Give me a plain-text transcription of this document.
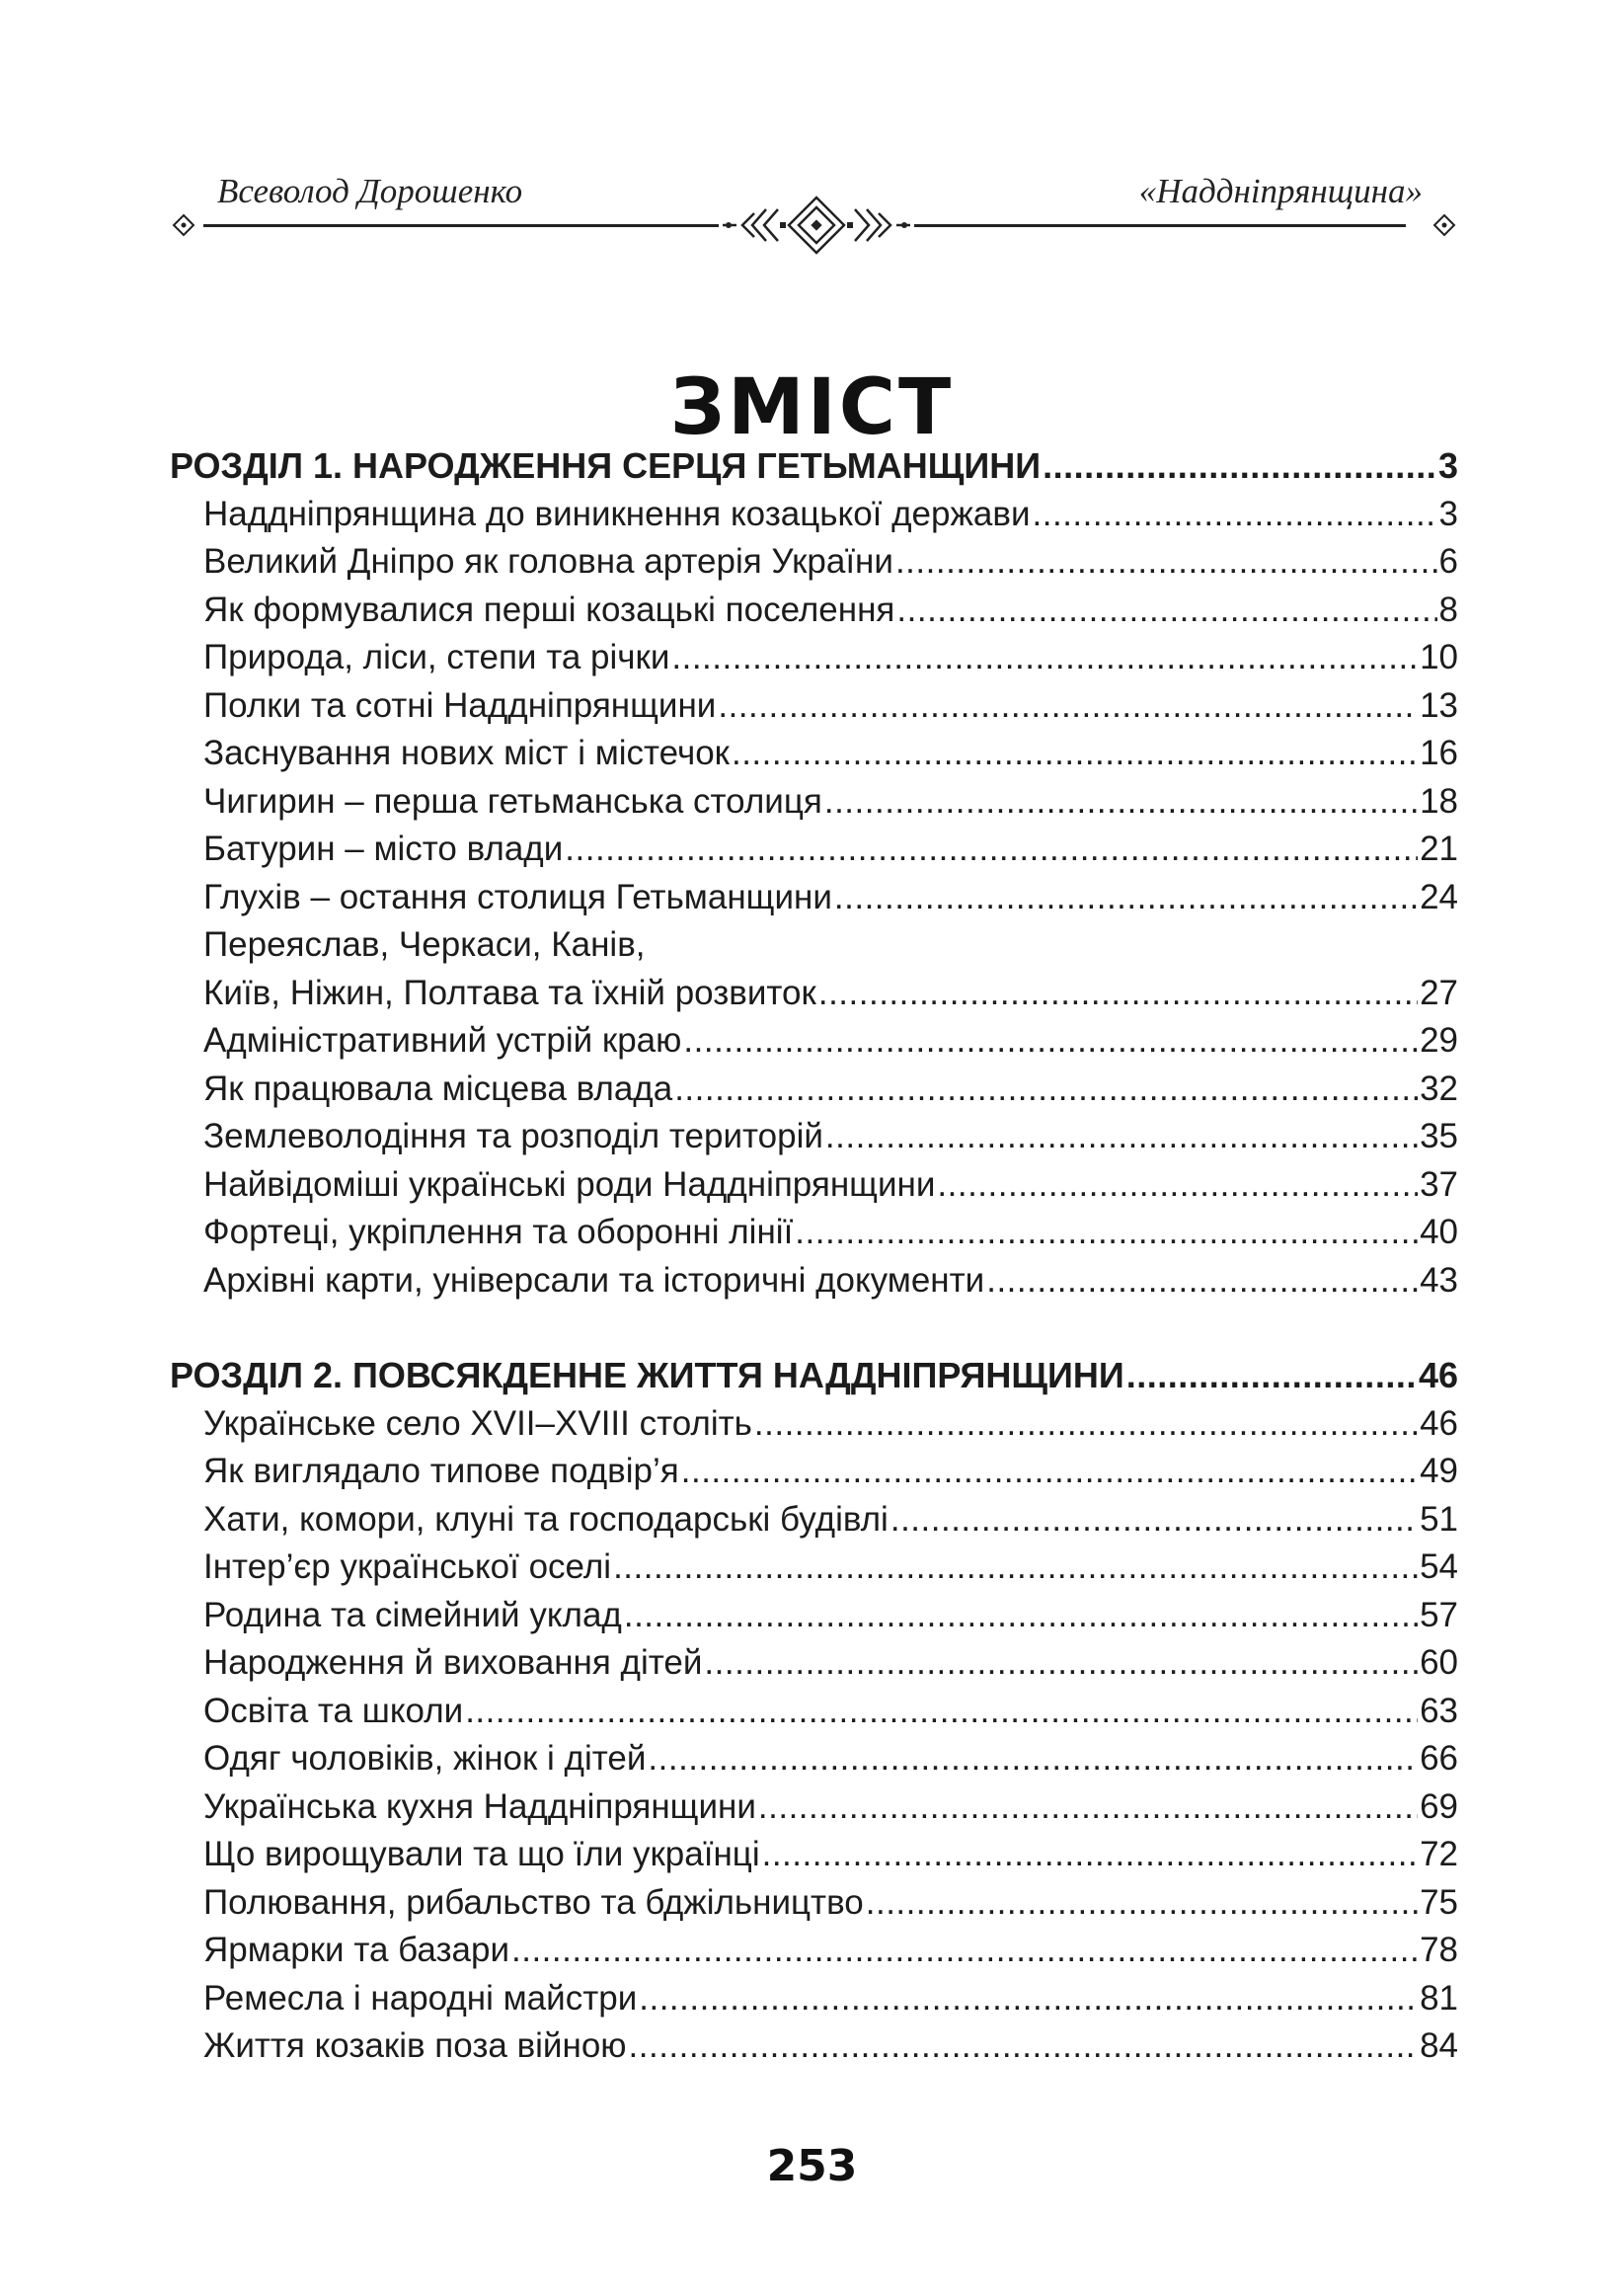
Всеволод Дорошенко	«Наддніпрянщина»
ЗМІСТ
РОЗДІЛ 1. НАРОДЖЕННЯ СЕРЦЯ ГЕТЬМАНЩИНИ .....	3
Наддніпрянщина до виникнення козацької держави .....	3
Великий Дніпро як головна артерія України .....	6
Як формувалися перші козацькі поселення .....	8
Природа, ліси, степи та річки .....	10
Полки та сотні Наддніпрянщини .....	13
Заснування нових міст і містечок .....	16
Чигирин – перша гетьманська столиця .....	18
Батурин – місто влади .....	21
Глухів – остання столиця Гетьманщини .....	24
Переяслав, Черкаси, Канів,
Київ, Ніжин, Полтава та їхній розвиток .....	27
Адміністративний устрій краю .....	29
Як працювала місцева влада .....	32
Землеволодіння та розподіл територій .....	35
Найвідоміші українські роди Наддніпрянщини .....	37
Фортеці, укріплення та оборонні лінії .....	40
Архівні карти, універсали та історичні документи .....	43
РОЗДІЛ 2. ПОВСЯКДЕННЕ ЖИТТЯ НАДДНІПРЯНЩИНИ .....	46
Українське село XVII–XVIII століть .....	46
Як виглядало типове подвір’я .....	49
Хати, комори, клуні та господарські будівлі .....	51
Інтер’єр української оселі .....	54
Родина та сімейний уклад .....	57
Народження й виховання дітей .....	60
Освіта та школи .....	63
Одяг чоловіків, жінок і дітей .....	66
Українська кухня Наддніпрянщини .....	69
Що вирощували та що їли українці .....	72
Полювання, рибальство та бджільництво .....	75
Ярмарки та базари .....	78
Ремесла і народні майстри .....	81
Життя козаків поза війною .....	84
253
